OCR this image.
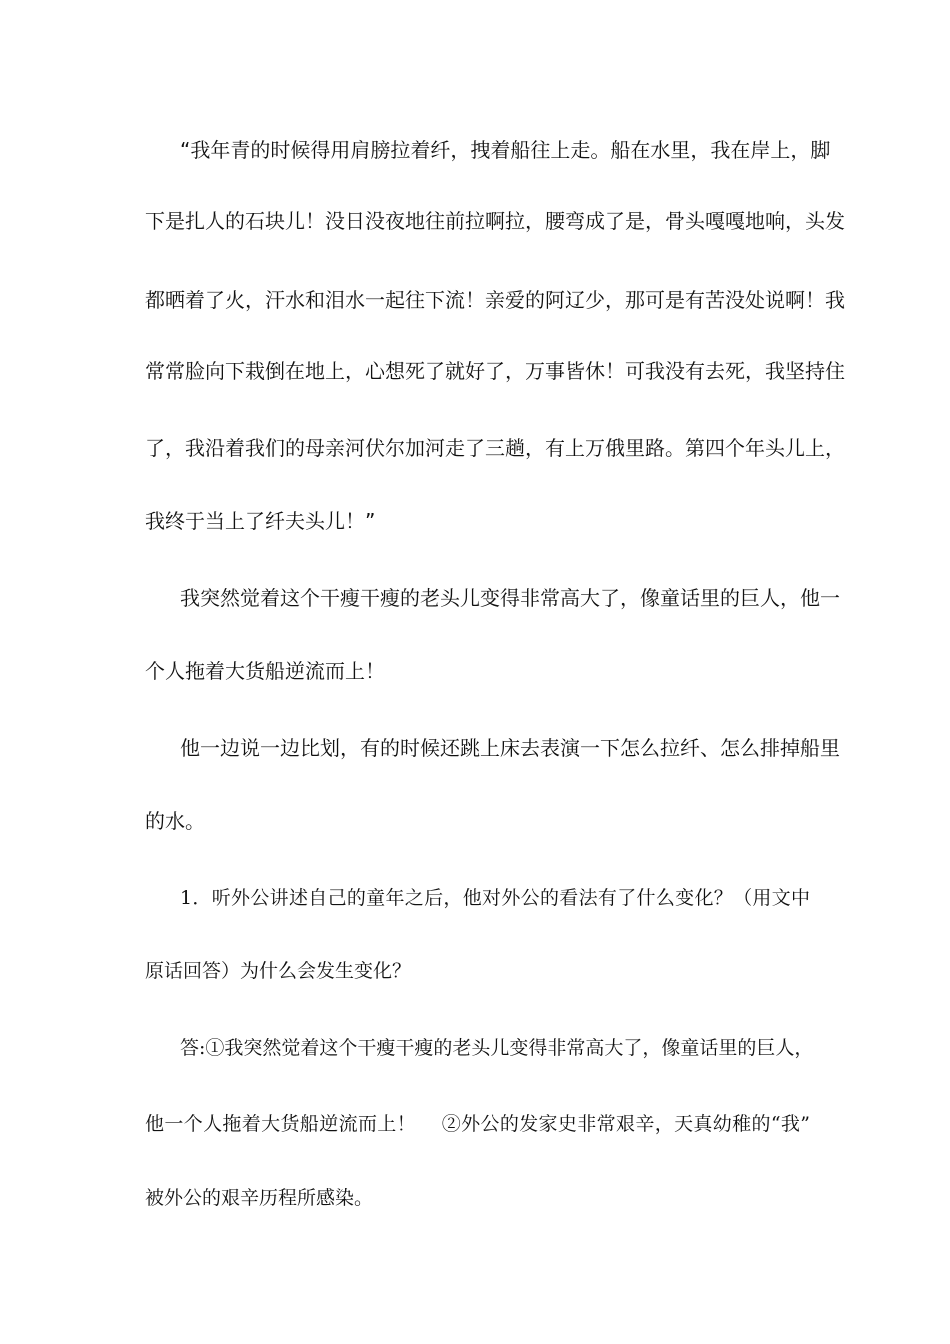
“我年青的时候得用肩膀拉着纤，拽着船往上走。船在水里，我在岸上，脚
下是扎人的石块儿！没日没夜地往前拉啊拉，腰弯成了是，骨头嘎嘎地响，头发
都晒着了火，汗水和泪水一起往下流！亲爱的阿辽少，那可是有苦没处说啊！我
常常脸向下栽倒在地上，心想死了就好了，万事皆休！可我没有去死，我坚持住
了，我沿着我们的母亲河伏尔加河走了三趟，有上万俄里路。第四个年头儿上，
我终于当上了纤夫头儿！”
我突然觉着这个干瘦干瘦的老头儿变得非常高大了，像童话里的巨人，他一
个人拖着大货船逆流而上！
他一边说一边比划，有的时候还跳上床去表演一下怎么拉纤、怎么排掉船里
的水。
1．听外公讲述自己的童年之后，他对外公的看法有了什么变化？（用文中
原话回答）为什么会发生变化？
答:①我突然觉着这个干瘦干瘦的老头儿变得非常高大了，像童话里的巨人，
他一个人拖着大货船逆流而上！　 ②外公的发家史非常艰辛，天真幼稚的“我”
被外公的艰辛历程所感染。
